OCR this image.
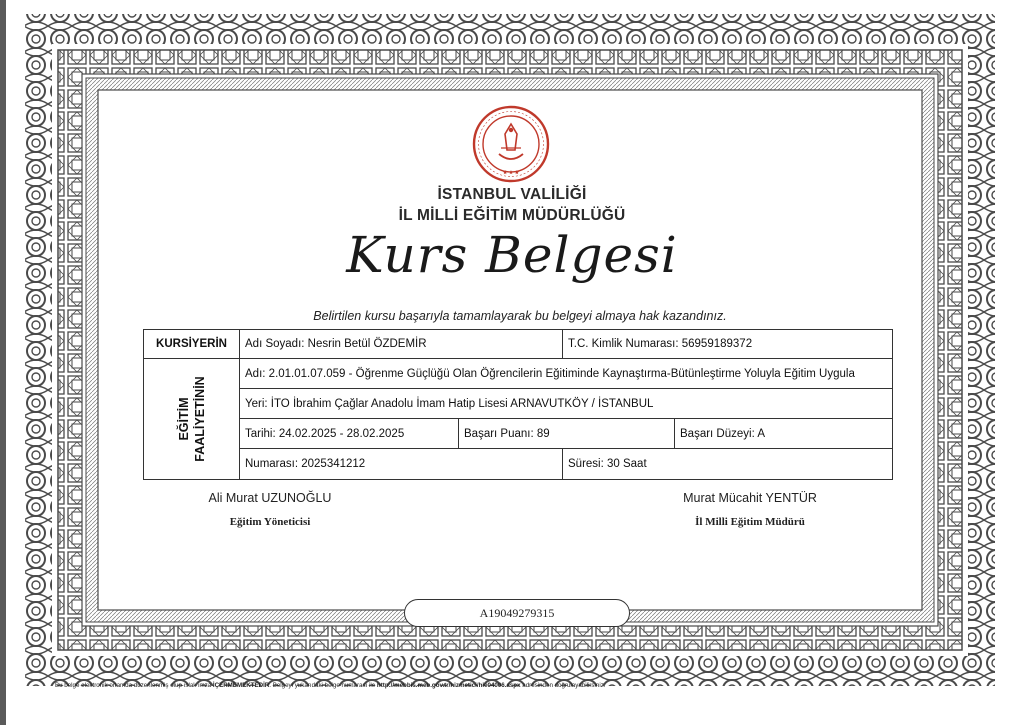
★ ★ ★
İSTANBUL VALİLİĞİ
İL MİLLİ EĞİTİM MÜDÜRLÜĞÜ
Kurs Belgesi
Belirtilen kursu başarıyla tamamlayarak bu belgeyi almaya hak kazandınız.
KURSİYERİN	Adı Soyadı: Nesrin Betül ÖZDEMİR		T.C. Kimlik Numarası: 56959189372	

EĞİTİM FAALİYETİNİN	Adı: 2.01.01.07.059 - Öğrenme Güçlüğü Olan Öğrencilerin Eğitiminde Kaynaştırma-Bütünleştirme Yoluyla Eğitim Uygula			
	Yeri: İTO İbrahim Çağlar Anadolu İmam Hatip Lisesi ARNAVUTKÖY / İSTANBUL			
	Tarihi: 24.02.2025 - 28.02.2025	Başarı Puanı: 89		Başarı Düzeyi: A
	Numarası: 2025341212		Süresi: 30 Saat	
Ali Murat UZUNOĞLU
Eğitim Yöneticisi
Murat Mücahit YENTÜR
İl Milli Eğitim Müdürü
A19049279315
Bu belge elektronik ortamda düzenlenmiş olup ıslak imza İÇERMEMEKTEDİR. Belgeyi yukarıdaki belge numarası ile http://mebbis.meb.gov.tr/hizmetici/hie04006.aspx adresinden doğrulayabilirsiniz.
